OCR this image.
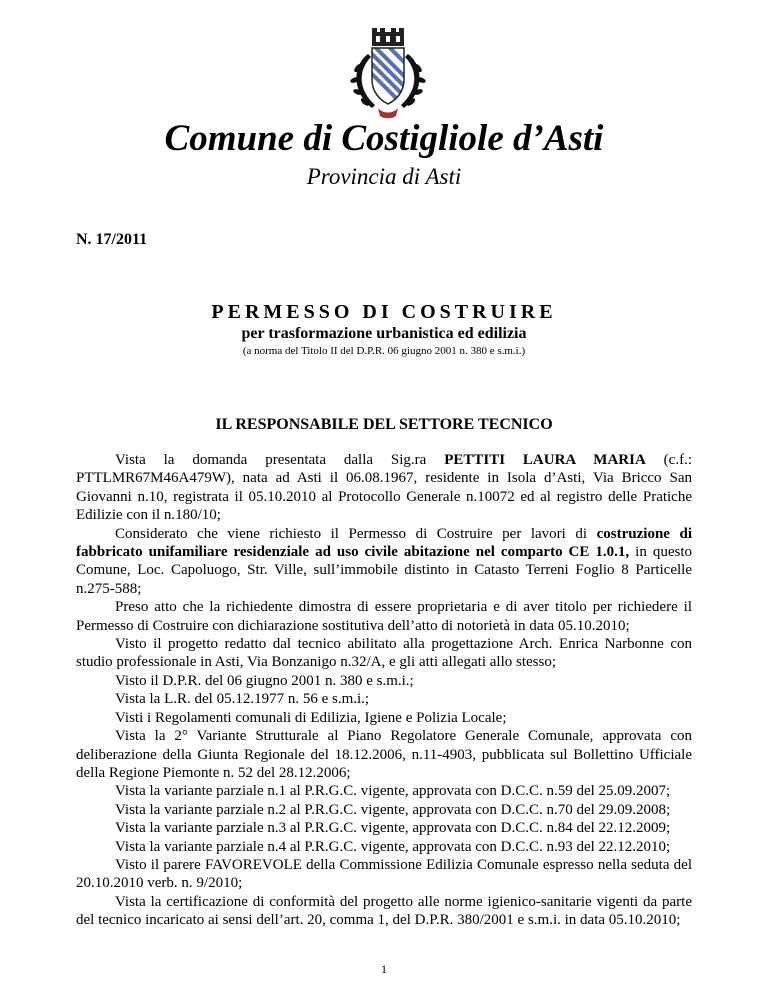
Comune di Costigliole d’Asti
Provincia di Asti
N. 17/2011
PERMESSO DI COSTRUIRE
per trasformazione urbanistica ed edilizia
(a norma del Titolo II del D.P.R. 06 giugno 2001 n. 380 e s.m.i.)
IL RESPONSABILE DEL SETTORE TECNICO

Vista la domanda presentata dalla Sig.ra PETTITI LAURA MARIA (c.f.: PTTLMR67M46A479W), nata ad Asti il 06.08.1967, residente in Isola d’Asti, Via Bricco San Giovanni n.10, registrata il 05.10.2010 al Protocollo Generale n.10072 ed al registro delle Pratiche Edilizie con il n.180/10;

Considerato che viene richiesto il Permesso di Costruire per lavori di costruzione di fabbricato unifamiliare residenziale ad uso civile abitazione nel comparto CE 1.0.1, in questo Comune, Loc. Capoluogo, Str. Ville, sull’immobile distinto in Catasto Terreni Foglio 8 Particelle n.275-588;

Preso atto che la richiedente dimostra di essere proprietaria e di aver titolo per richiedere il Permesso di Costruire con dichiarazione sostitutiva dell’atto di notorietà in data 05.10.2010;

Visto il progetto redatto dal tecnico abilitato alla progettazione Arch. Enrica Narbonne con studio professionale in Asti, Via Bonzanigo n.32/A, e gli atti allegati allo stesso;

Visto il D.P.R. del 06 giugno 2001 n. 380 e s.m.i.;

Vista la L.R. del 05.12.1977 n. 56 e s.m.i.;

Visti i Regolamenti comunali di Edilizia, Igiene e Polizia Locale;

Vista la 2° Variante Strutturale al Piano Regolatore Generale Comunale, approvata con deliberazione della Giunta Regionale del 18.12.2006, n.11-4903, pubblicata sul Bollettino Ufficiale della Regione Piemonte n. 52 del 28.12.2006;

Vista la variante parziale n.1 al P.R.G.C. vigente, approvata con D.C.C. n.59 del 25.09.2007;

Vista la variante parziale n.2 al P.R.G.C. vigente, approvata con D.C.C. n.70 del 29.09.2008;

Vista la variante parziale n.3 al P.R.G.C. vigente, approvata con D.C.C. n.84 del 22.12.2009;

Vista la variante parziale n.4 al P.R.G.C. vigente, approvata con D.C.C. n.93 del 22.12.2010;

Visto il parere FAVOREVOLE della Commissione Edilizia Comunale espresso nella seduta del 20.10.2010 verb. n. 9/2010;

Vista la certificazione di conformità del progetto alle norme igienico-sanitarie vigenti da parte del tecnico incaricato ai sensi dell’art. 20, comma 1, del D.P.R. 380/2001 e s.m.i. in data 05.10.2010;

1
